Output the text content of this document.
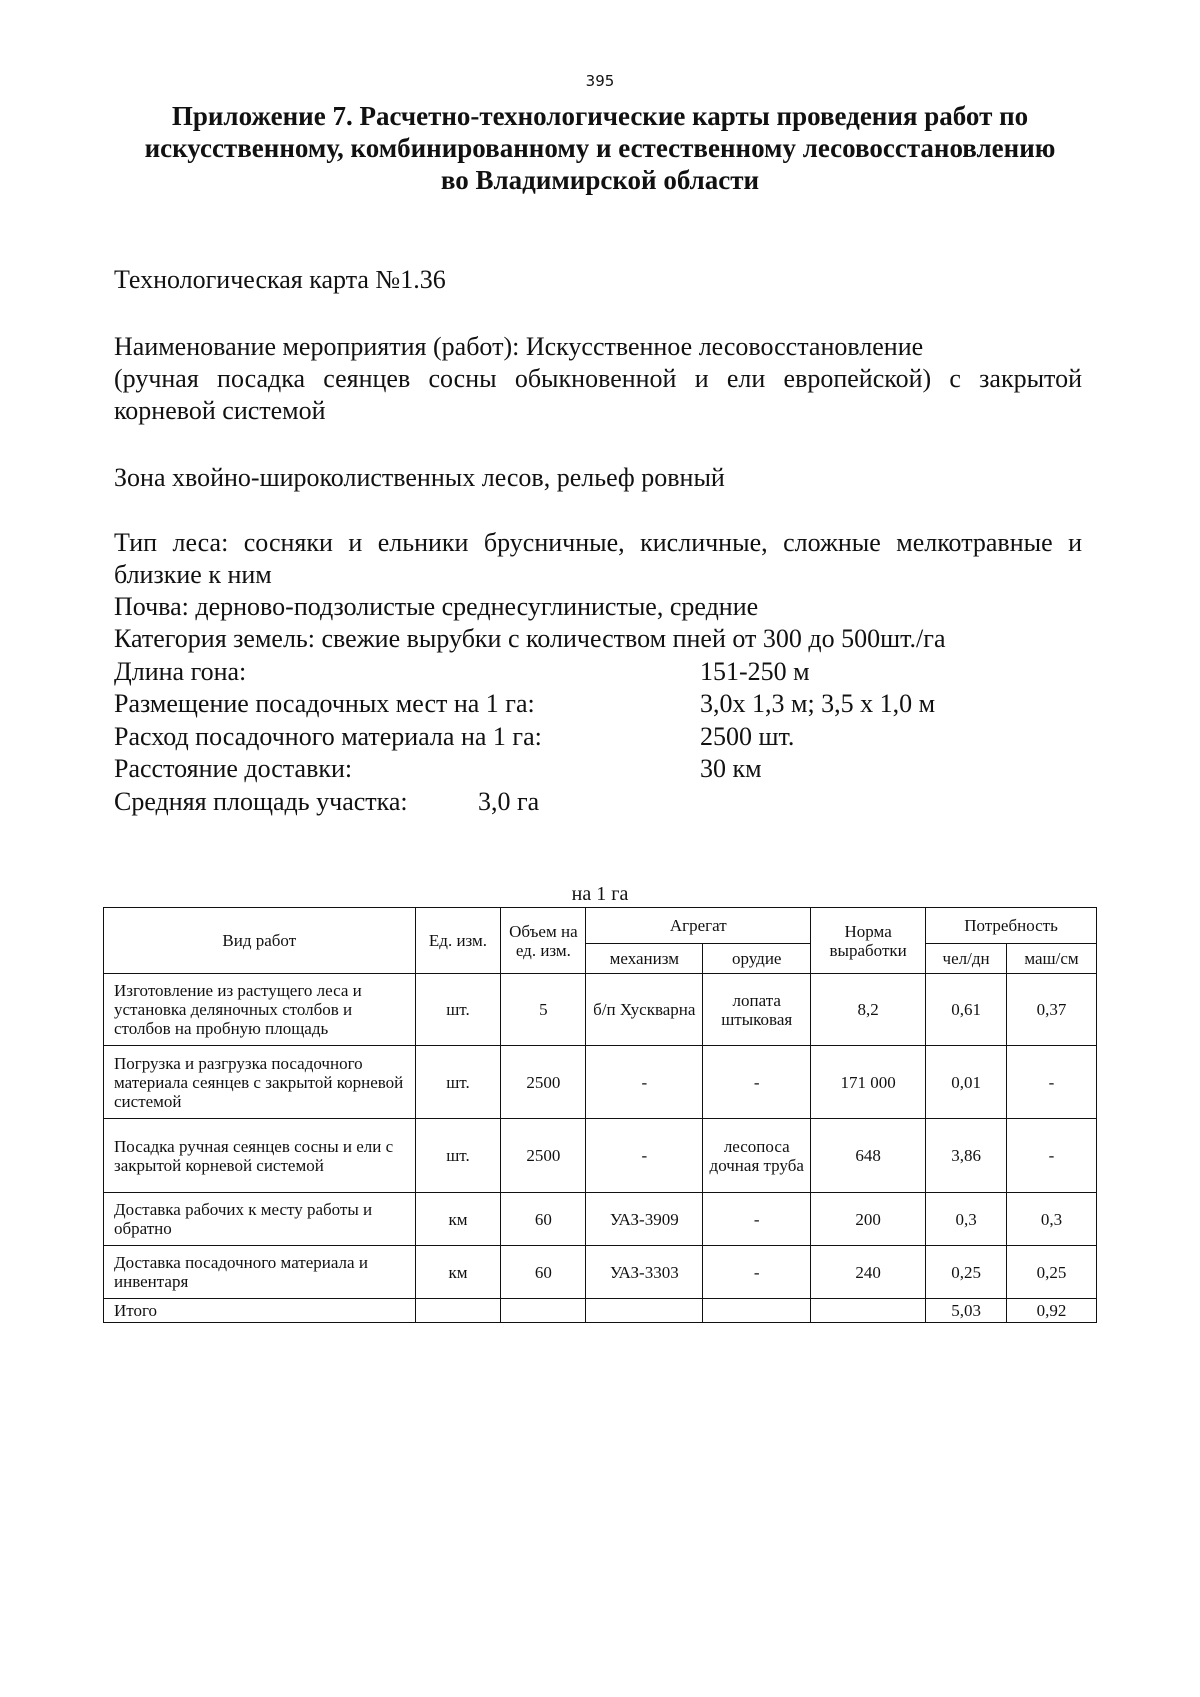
395
Приложение 7. Расчетно-технологические карты проведения работ по
искусственному, комбинированному и естественному лесовосстановлению
во Владимирской области
Технологическая карта №1.36
Наименование мероприятия (работ): Искусственное лесовосстановление
(ручная посадка сеянцев сосны обыкновенной и ели европейской) с закрытой
корневой системой
Зона хвойно-широколиственных лесов, рельеф ровный
Тип леса: сосняки и ельники брусничные, кисличные, сложные мелкотравные и
близкие к ним
Почва: дерново-подзолистые среднесуглинистые, средние
Категория земель: свежие вырубки с количеством пней от 300 до 500шт./га
Длина гона:	151-250 м
Размещение посадочных мест на 1 га:	3,0х 1,3 м; 3,5 х 1,0 м
Расход посадочного материала на 1 га:	2500 шт.
Расстояние доставки:	30 км
Средняя площадь участка:	3,0 га
на 1 га
Вид работ	Ед. изм.	Объем на ед. изм.	Агрегат		Норма выработки	Потребность	
			механизм	орудие		чел/дн	маш/см
Изготовление из растущего леса и установка деляночных столбов и столбов на пробную площадь	шт.	5	б/п Хускварна	лопата штыковая	8,2	0,61	0,37
Погрузка и разгрузка посадочного материала сеянцев с закрытой корневой системой	шт.	2500	-	-	171 000	0,01	-
Посадка ручная сеянцев сосны и ели с закрытой корневой системой	шт.	2500	-	лесопоса дочная труба	648	3,86	-
Доставка рабочих к месту работы и обратно	км	60	УАЗ-3909	-	200	0,3	0,3
Доставка посадочного материала и инвентаря	км	60	УАЗ-3303	-	240	0,25	0,25
Итого						5,03	0,92
